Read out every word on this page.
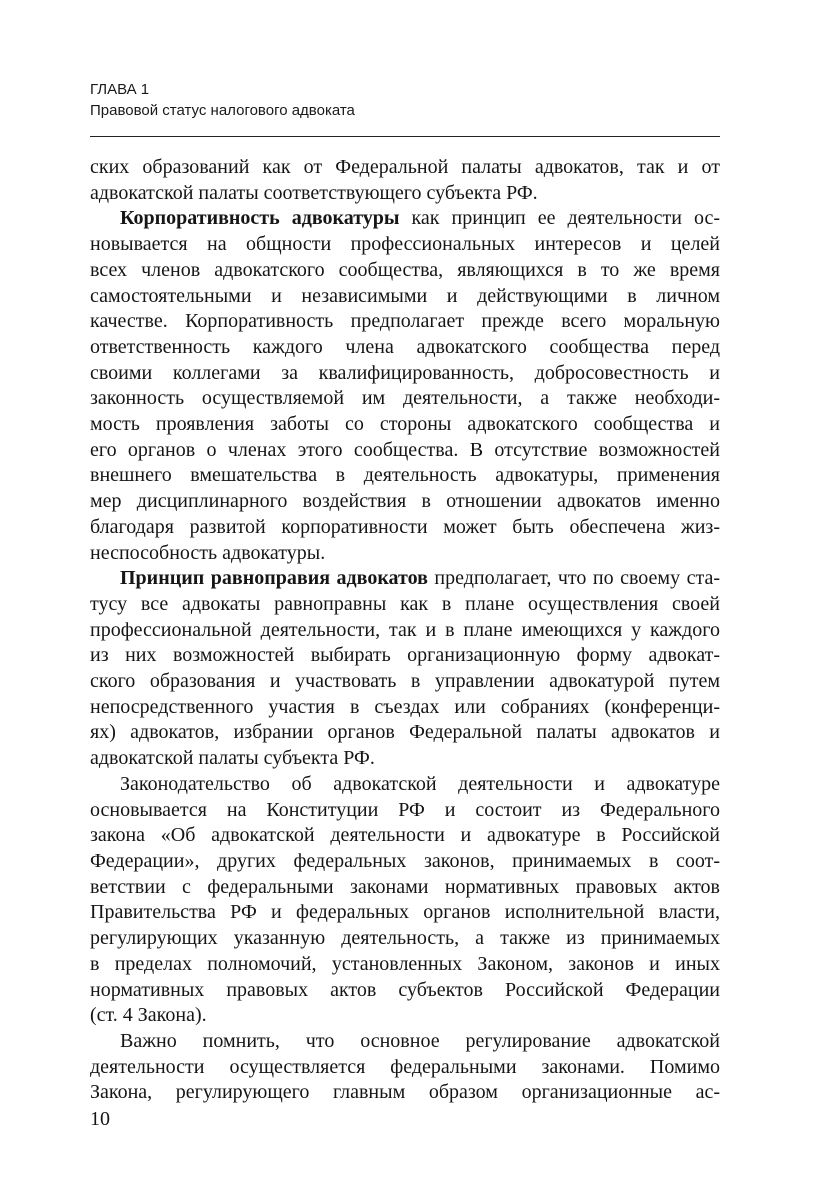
ГЛАВА 1
Правовой статус налогового адвоката
ских образований как от Федеральной палаты адвокатов, так и от
адвокатской палаты соответствующего субъекта РФ.
Корпоративность адвокатуры как принцип ее деятельности ос-
новывается на общности профессиональных интересов и целей
всех членов адвокатского сообщества, являющихся в то же время
самостоятельными и независимыми и действующими в личном
качестве. Корпоративность предполагает прежде всего моральную
ответственность каждого члена адвокатского сообщества перед
своими коллегами за квалифицированность, добросовестность и
законность осуществляемой им деятельности, а также необходи-
мость проявления заботы со стороны адвокатского сообщества и
его органов о членах этого сообщества. В отсутствие возможностей
внешнего вмешательства в деятельность адвокатуры, применения
мер дисциплинарного воздействия в отношении адвокатов именно
благодаря развитой корпоративности может быть обеспечена жиз-
неспособность адвокатуры.
Принцип равноправия адвокатов предполагает, что по своему ста-
тусу все адвокаты равноправны как в плане осуществления своей
профессиональной деятельности, так и в плане имеющихся у каждого
из них возможностей выбирать организационную форму адвокат-
ского образования и участвовать в управлении адвокатурой путем
непосредственного участия в съездах или собраниях (конференци-
ях) адвокатов, избрании органов Федеральной палаты адвокатов и
адвокатской палаты субъекта РФ.
Законодательство об адвокатской деятельности и адвокатуре
основывается на Конституции РФ и состоит из Федерального
закона «Об адвокатской деятельности и адвокатуре в Российской
Федерации», других федеральных законов, принимаемых в соот-
ветствии с федеральными законами нормативных правовых актов
Правительства РФ и федеральных органов исполнительной власти,
регулирующих указанную деятельность, а также из принимаемых
в пределах полномочий, установленных Законом, законов и иных
нормативных правовых актов субъектов Российской Федерации
(ст. 4 Закона).
Важно помнить, что основное регулирование адвокатской
деятельности осуществляется федеральными законами. Помимо
Закона, регулирующего главным образом организационные ас-
10
